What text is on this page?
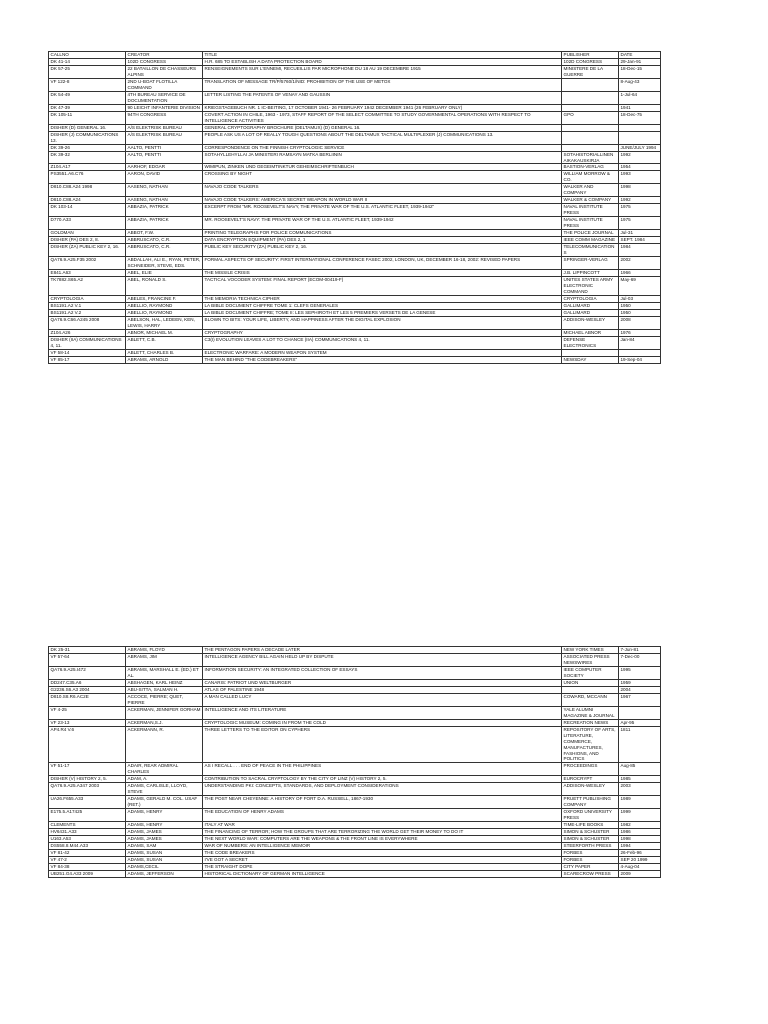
CALLNO	CREATOR	TITLE	PUBLISHER	DATE
DK 41-14	102D CONGRESS	H.R. 685 TO ESTABLISH A DATA PROTECTION BOARD	102D CONGRESS	29-Jan-91
DK 57-25	22 BATAILLON DE CHASSEURS ALPINS	RENSEIGNEMENTS SUR L'ENNEMI, RECUEILLIS PAR MICROPHONE DU 18 AU 19 DECEMBRE 1915	MINISTERE DE LA GUERRE	18-Dec-15
VF 122-8	2ND U-BOAT FLOTILLA COMMAND	TRANSLATION OF MESSAGE TR/P/5760/1/NID: PROHIBITION OF THE USE OF METOX		8-Aug-43
DK 54-49	4TH BUREAU SERVICE DE DOCUMENTATION	LETTER LISTING THE PATENTS OF VENAY AND GAUSSIN		1-Jul-64
DK 47-39	90 LEICHT INFANTERIE DIVISION	KRIEGSTAGEBUCH NR. 1 IC-BEITING, 17 OCTOBER 1941- 26 FEBRUARY 1942 DECEMBER 1941 (26 FEBRUARY ONLY)		1941
DK 105-11	94TH CONGRESS	COVERT ACTION IN CHILE, 1963 - 1973, STAFF REPORT OF THE SELECT COMMITTEE TO STUDY GOVERNMENTAL OPERATIONS WITH RESPECT TO INTELLIGENCE ACTIVITIES	GPO	18-Dec-75
DISHER (D) GENERAL 16.	A/S ELEKTRISK BUREAU	GENERAL CRYPTOGRAPHY BROCHURE (DELTAMUX) (D) GENERAL 16.		
DISHER (J) COMMUNICATIONS 13.	A/S ELEKTRISK BUREAU	PEOPLE ASK US A LOT OF REALLY TOUGH QUESTIONS ABOUT THE DELTAMUX TACTICAL MULTIPLEXER (J) COMMUNICATIONS 13.		
DK 39-26	AALTO, PENTTI	CORRESPONDENCE ON THE FINNISH CRYPTOLOGIC SERVICE		JUNE/JULY 1994
DK 39-32	AALTO, PENTTI	SOTAHYLLEHYLLAI JA MINISTERI RAMSAYN MATKA BERLIININ	SOTAHISTORIALLINEN AIKAKAUSKIRJA	1992
Z104.A17	AARHOF, EDGAR	WIMIPUN, ZINKEN UND GEGEIMTINKTUR GEHEIMSCHRIFTENBUCH	BASTION-VERLAG	1954
PS3551.A6.C76	AARON, DAVID	CROSSING BY NIGHT	WILLIAM MORROW & CO.	1993
D810.C88.A24 1998	AASENG, NATHAN	NAVAJO CODE TALKERS	WALKER AND COMPANY	1998
D810.C88.A24	AASENG, NATHAN	NAVAJO CODE TALKERS: AMERICA'S SECRET WEAPON IN WORLD WAR II	WALKER & COMPANY	1992
DK 103-14	ABBAZIA, PATRICK	EXCERPT FROM "MR. ROOSEVELT'S NAVY, THE PRIVATE WAR OF THE U.S. ATLANTIC FLEET, 1939-1942"	NAVAL INSTITUTE PRESS	1975
D770.A33	ABBAZIA, PATRICK	MR. ROOSEVELT'S NAVY: THE PRIVATE WAR OF THE U.S. ATLANTIC FLEET, 1939-1942	NAVAL INSTITUTE PRESS	1975
GOLDMAN	ABBOT, F.W.	PRINTING TELEGRAPHS FOR POLICE COMMUNICATIONS	THE POLICE JOURNAL	Jul-31
DISHER (PA) DES 2, 8.	ABBRUSCATO, C.R.	DATA ENCRYPTION EQUIPMENT (PA) DES 2, 1	IEEE COMM MAGAZINE	SEPT. 1984
DISHER (ZA) PUBLIC KEY 2, 16.	ABBRUSCATO, C.R.	PUBLIC KEY SECURITY (ZA) PUBLIC KEY 2, 16.	TELECOMMUNICATIONS	1984
QA76.9.A25.F35 2002	ABDALLAH, ALI E., RYAN, PETER, SCHNEIDER, STEVE, EDS.	FORMAL ASPECTS OF SECURITY: FIRST INTERNATIONAL CONFERENCE FASEC 2002, LONDON, UK, DECEMBER 16-18, 2002: REVISED PAPERS	SPRINGER-VERLAG	2002
E841.A63	ABEL, ELIE	THE MISSILE CRISIS	J.B. LIPPINCOTT	1966
TK7882.S65.A2	ABEL, RONALD S.	TACTICAL VOCODER SYSTEM: FINAL REPORT (ECOM-00419-F)	UNITES STATES ARMY ELECTRONIC COMMAND	May-69
CRYPTOLOGIA	ABELES, FRANCINE F.	THE MEMORIA TECHNICA CIPHER	CRYPTOLOGIA	Jul-03
BS1191.A2 V.1	ABELLIO, RAYMOND	LA BIBLE DOCUMENT CHIFFRE TOME 1: CLEFS GENERALES	GALLIMARD	1950
BS1191.A2 V.2	ABELLIO, RAYMOND	LA BIBLE DOCUMENT CHIFFRE; TOME II: LES SEPHIROTH ET LES 5 PREMIERS VERSETS DE LA GENESE	GALLIMARD	1950
QA76.9.C66.A245 2008	ABELSON, HAL, LEDEEN, KEN, LEWIS, HARRY	BLOWN TO BITS: YOUR LIFE, LIBERTY, AND HAPPINESS AFTER THE DIGITAL EXPLOSION	ADDISON-WESLEY	2008
Z104.A26	ABNOR, MICHAEL M.	CRYPTOGRAPHY	MICHAEL ABNOR	1976
DISHER (IIA) COMMUNICATIONS 4, 11.	ABLETT, C.B.	C3(I) EVOLUTION LEAVES A LOT TO CHANCE (IIA) COMMUNICATIONS 4, 11.	DEFENSE ELECTRONICS	Jan-84
VF 58-14	ABLETT, CHARLES B.	ELECTRONIC WARFARE: A MODERN WEAPON SYSTEM		
VF 85-17	ABRAMS, ARNOLD	THE MAN BEHIND "THE CODEBREAKERS"	NEWSDAY	19-Sep-04
DK 25-31	ABRAMS, FLOYD	THE PENTAGON PAPERS A DECADE LATER	NEW YORK TIMES	7-Jun-81
VF 57-64	ABRAMS, JIM	INTELLIGENCE AGENCY BILL AGAIN HELD UP BY DISPUTE	ASSOCIATED PRESS NEWSWIRES	7-Dec-00
QA76.9.A25.I472	ABRAMS, MARSHALL E. (ED.) ET AL.	INFORMATION SECURITY: AN INTEGRATED COLLECTION OF ESSAYS	IEEE COMPUTER SOCIETY	1995
DD247.C35.A6	ABSHAGEN, KARL HEINZ	CANARIS: PATRIOT UND WELTBURGER	UNION	1959
G2236.S6.A3 2004	ABU-SITTA, SALMAN H.	ATLAS OF PALESTINE 1948		2004
D810.S8.R6.AC2E	ACCOCE, PIERRE; QUET, PIERRE	A MAN CALLED LUCY	COWARD, MCCANN	1967
VF 4-25	ACKERMAN, JENNIFER GORHAM	INTELLIGENCE AND ITS LITERATURE	YALE ALUMNI MAGAZINE & JOURNAL	
VF 23-13	ACKERMAN,S.J.	CRYPTOLOGIC MUSEUM: COMING IN FROM THE COLD	RECREATION NEWS	Apr-95
AP4.R4 V.6	ACKERMANN, R.	THREE LETTERS TO THE EDITOR ON CYPHERS	REPOSITORY OF ARTS, LITERATURE, COMMERCE, MANUFACTURES, FASHIONS, AND POLITICS	1811
VF 51-17	ADAIR, REAR ADMIRAL CHARLES	AS I RECALL . . . END OF PEACE IN THE PHILIPPINES	PROCEEDINGS	Aug-85
DISHER (V) HISTORY 2, 5.	ADAM, A.	CONTRIBUTION TO SACRAL CRYPTOLOGY BY THE CITY OF LINZ (V) HISTORY 2, 5.	EUROCRYPT	1985
QA76.9.A25.A347 2003	ADAMS, CARLISLE, LLOYD, STEVE	UNDERSTANDING PKI: CONCEPTS, STANDARDS, AND DEPLOYMENT CONSIDERATIONS	ADDISON-WESLEY	2003
UA26.F655.A33	ADAMS, GERALD M. COL. USAF (RET.)	THE POST NEAR CHEYENNE: A HISTORY OF FORT D.A. RUSSELL, 1867-1930	PRUETT PUBLISHING COMPANY	1989
E175.5.A17425	ADAMS, HENRY	THE EDUCATION OF HENRY ADAMS	OXFORD UNIVERSITY PRESS	1999
CLEMENTS	ADAMS, HENRY	ITALY AT WAR	TIME-LIFE BOOKS	1982
HV6431.A33	ADAMS, JAMES	THE FINANCING OF TERROR; HOW THE GROUPS THAT ARE TERRORIZING THE WORLD GET THEIR MONEY TO DO IT	SIMON & SCHUSTER	1986
U163.A53	ADAMS, JAMES	THE NEXT WORLD WAR: COMPUTERS ARE THE WEAPONS & THE FRONT LINE IS EVERYWHERE	SIMON & SCHUSTER	1998
DS558.8.M44.A33	ADAMS, SAM	WAR OF NUMBERS: AN INTELLIGENCE MEMOIR	STEERFORTH PRESS	1994
VF 81-42	ADAMS, SUSAN	THE CODE BREAKERS	FORBES	26-Feb-96
VF 47-2	ADAMS, SUSAN	I'VE GOT A SECRET	FORBES	SEP 20 1999
VF 84-38	ADAMS,CECIL	THE STRAIGHT DOPE	CITY PAPER	4-Aug-04
UB251.G4.A33 2009	ADAMS, JEFFERSON	HISTORICAL DICTIONARY OF GERMAN INTELLIGENCE	SCARECROW PRESS	2009
